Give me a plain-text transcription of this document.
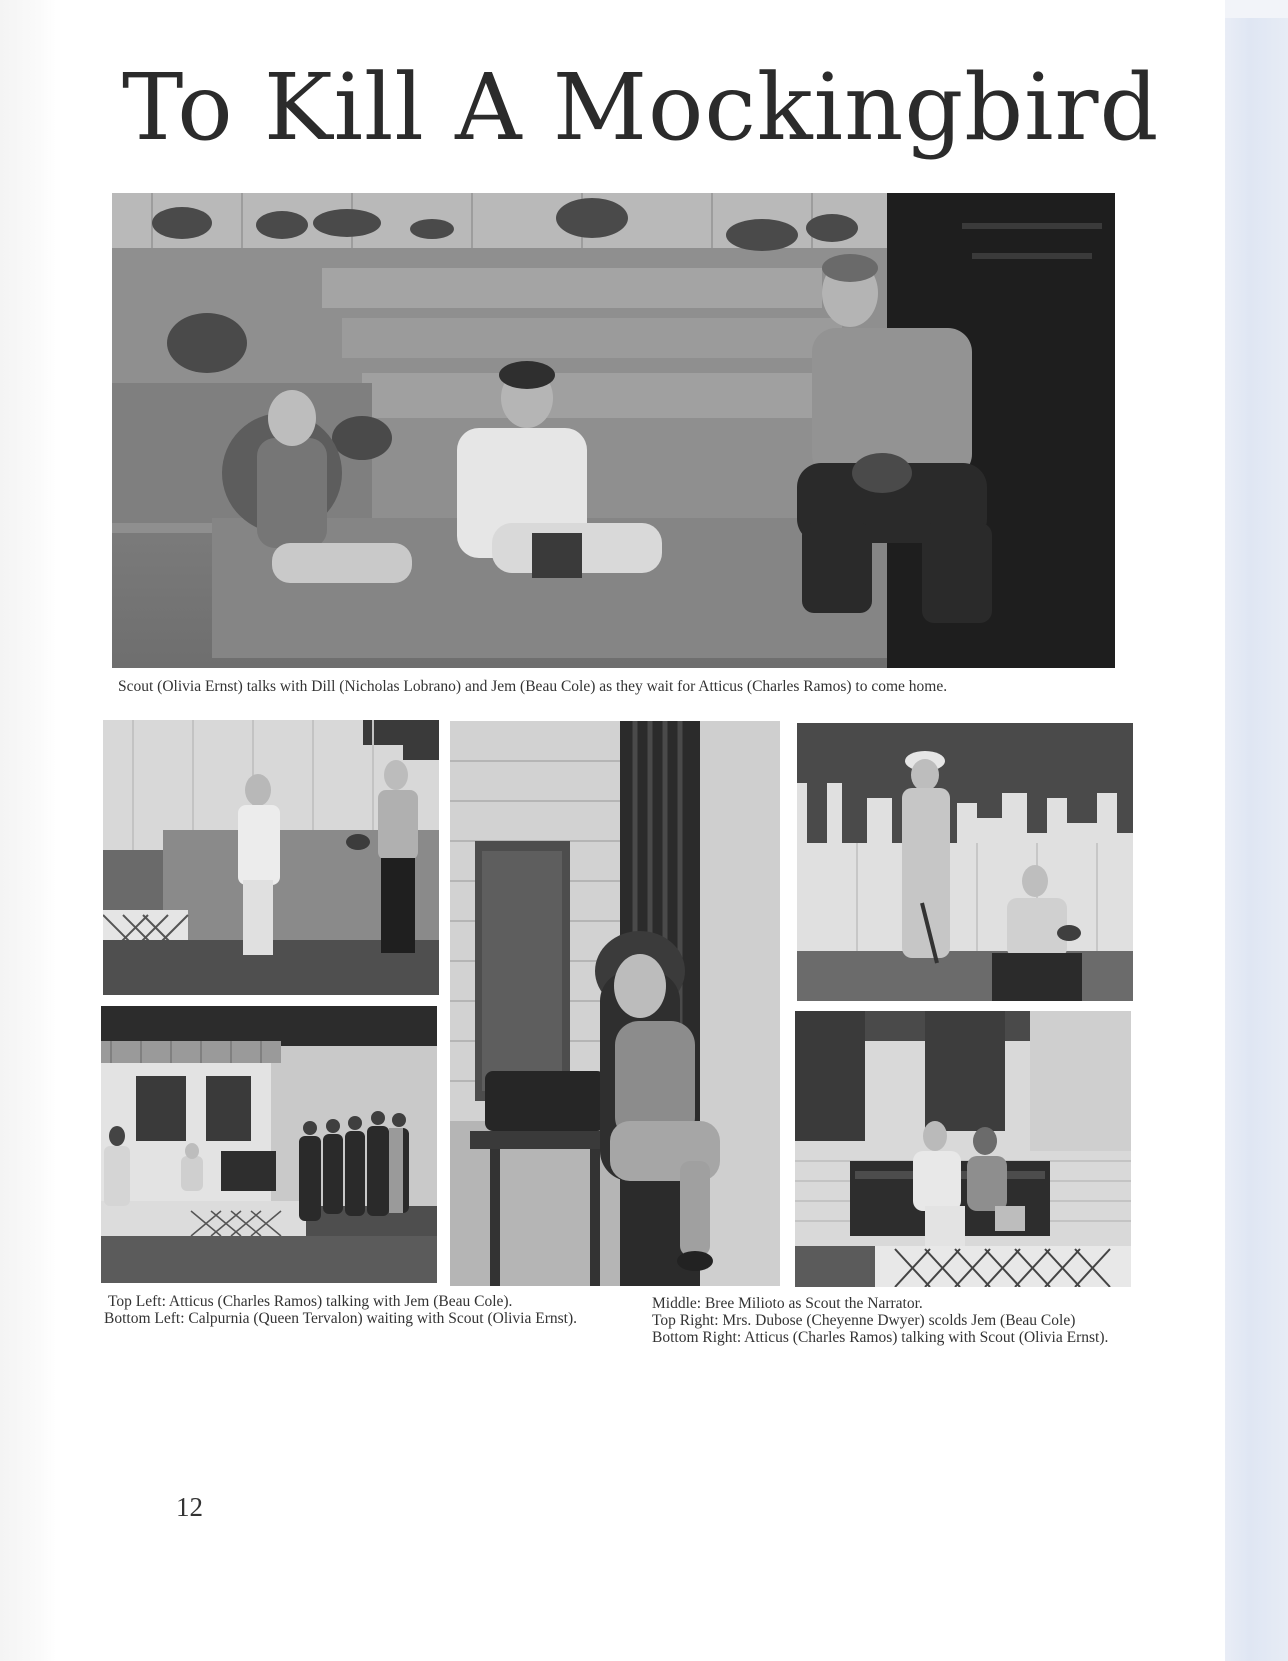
To Kill A Mockingbird

Scout (Olivia Ernst) talks with Dill (Nicholas Lobrano) and Jem (Beau Cole) as they wait for Atticus (Charles Ramos) to come home.

Top Left: Atticus (Charles Ramos) talking with Jem (Beau Cole).
Bottom Left: Calpurnia (Queen Tervalon) waiting with Scout (Olivia Ernst).
Middle: Bree Milioto as Scout the Narrator.
Top Right: Mrs. Dubose (Cheyenne Dwyer) scolds Jem (Beau Cole)
Bottom Right: Atticus (Charles Ramos) talking with Scout (Olivia Ernst).

12
